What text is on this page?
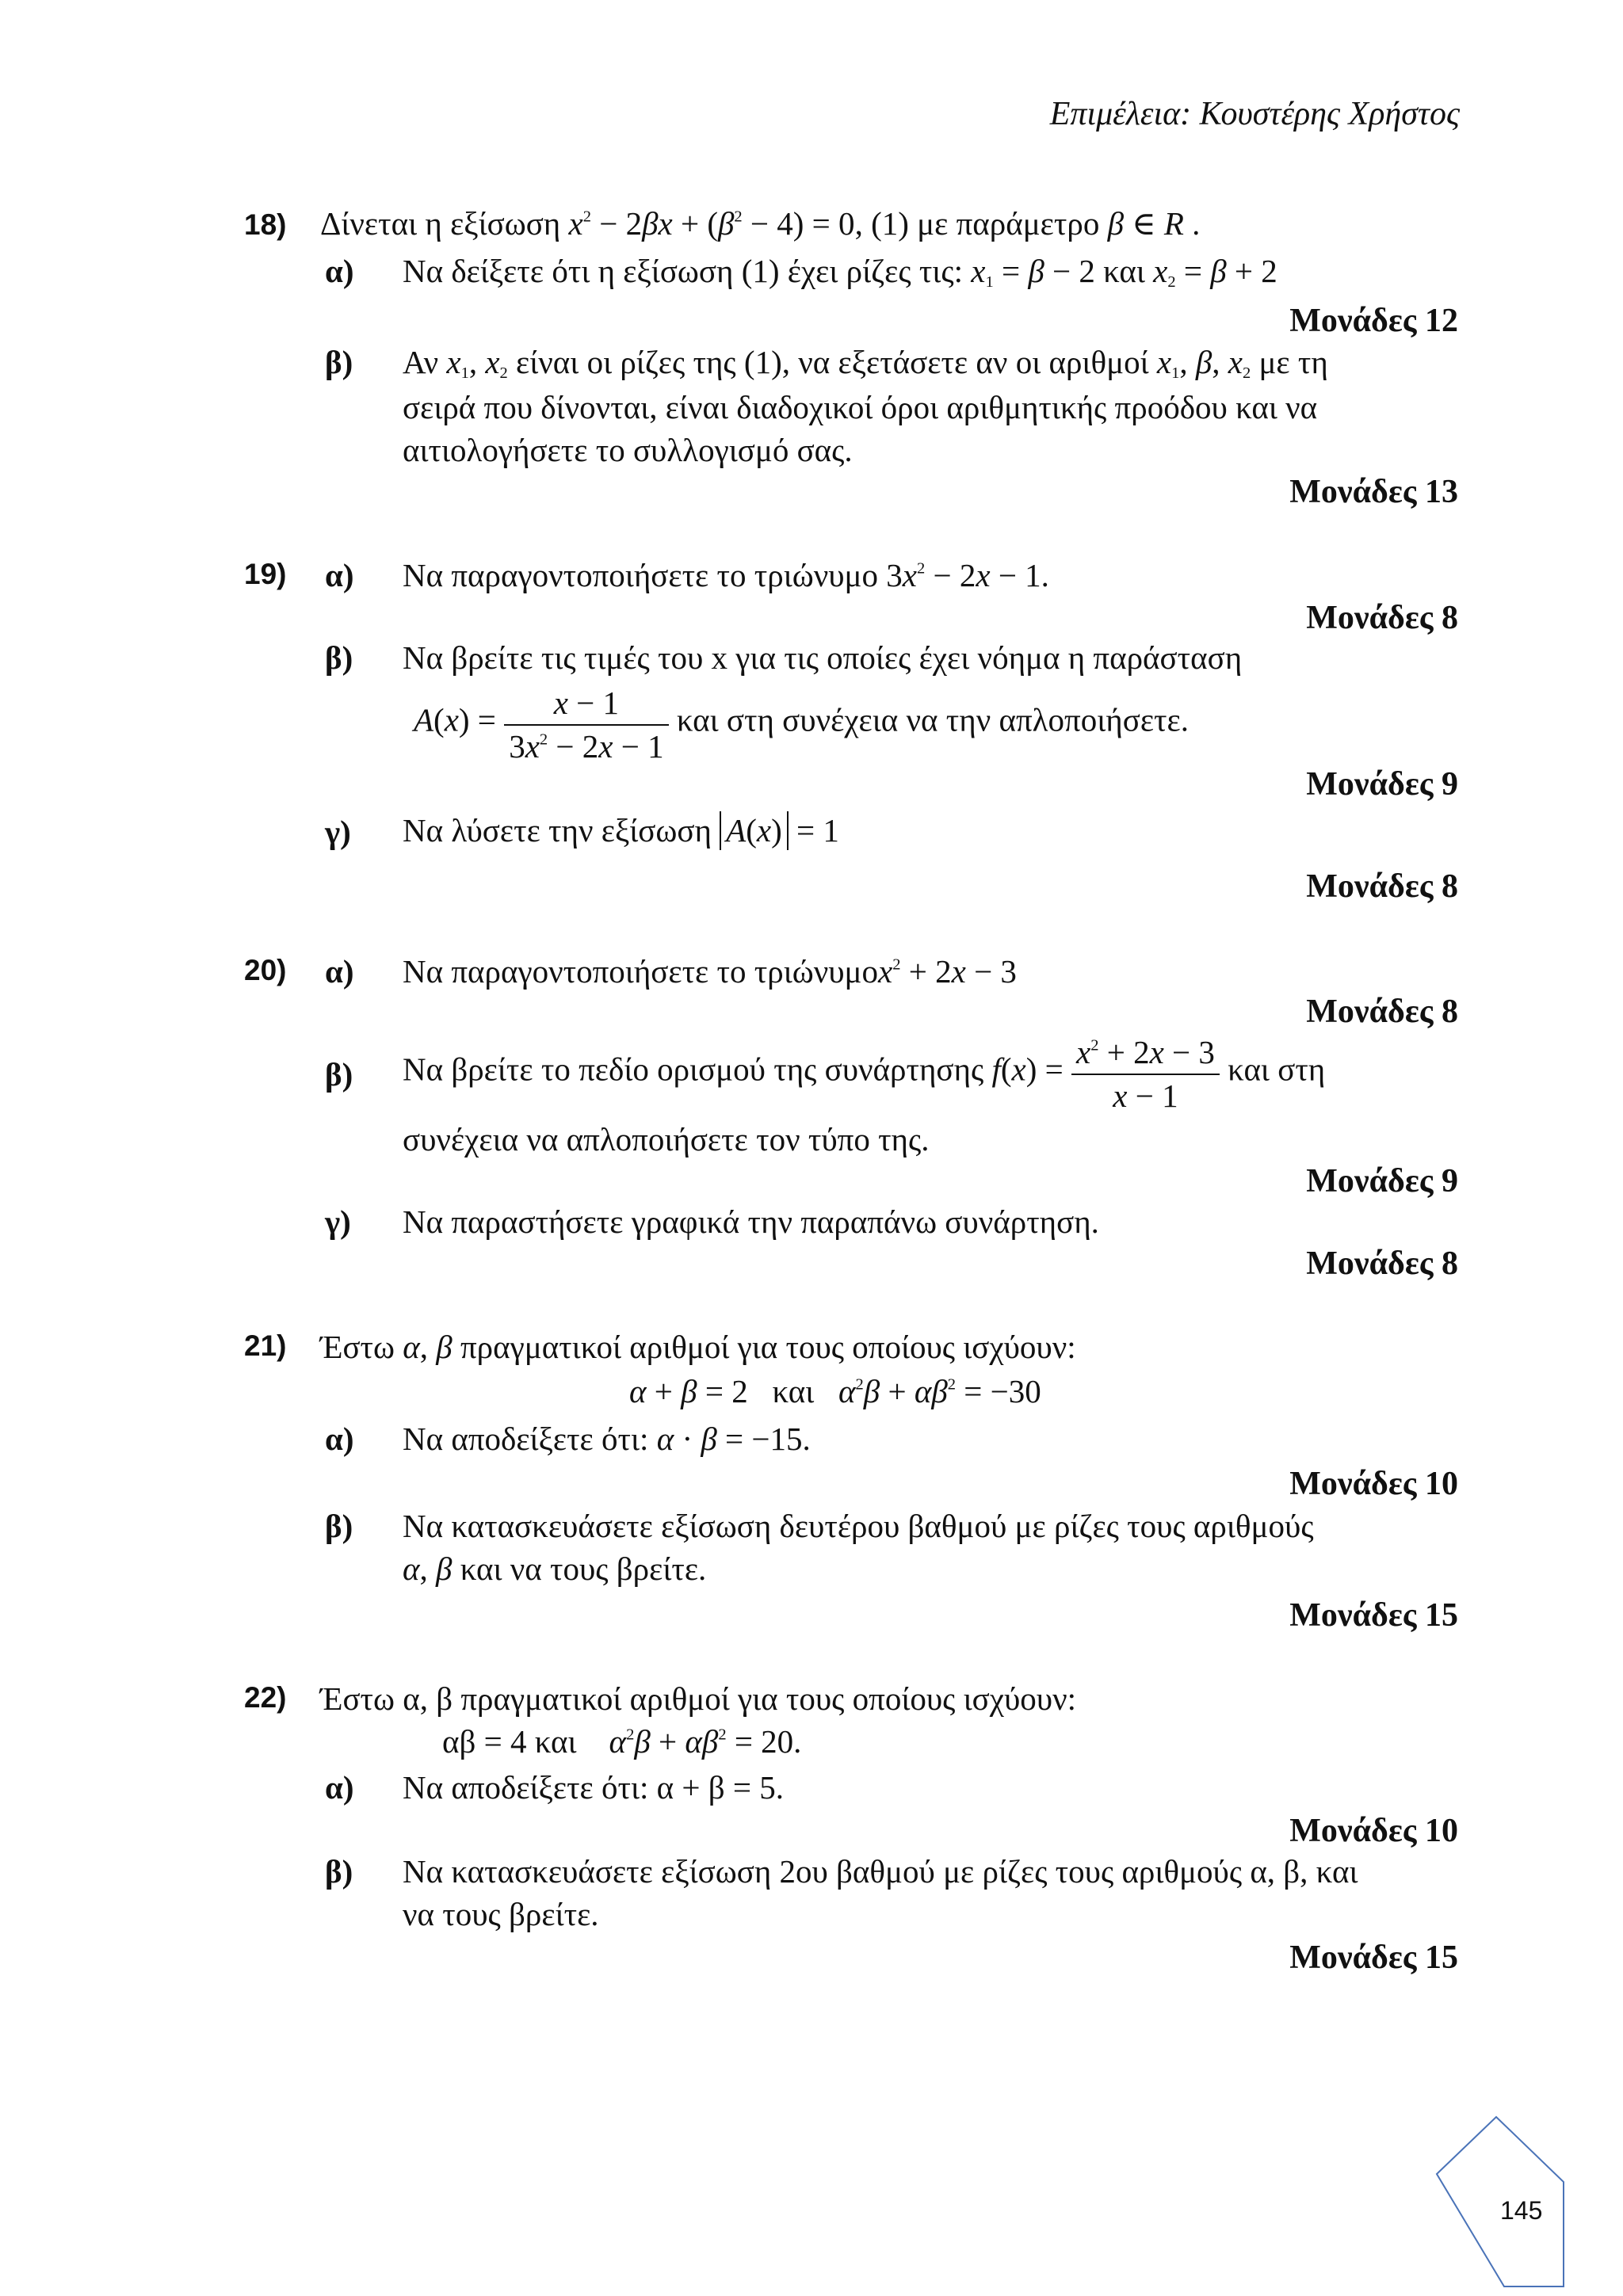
Επιμέλεια: Κουστέρης Χρήστος
18) Δίνεται η εξίσωση $x^2 - 2\beta x + (\beta^2 - 4) = 0$, (1) με παράμετρο β ∈ R .
α) Να δείξετε ότι η εξίσωση (1) έχει ρίζες τις: $x_1 = \beta - 2$ και $x_2 = \beta + 2$
Μονάδες 12
β) Αν $x_1$, $x_2$ είναι οι ρίζες της (1), να εξετάσετε αν οι αριθμοί $x_1$, β, $x_2$ με τη
σειρά που δίνονται, είναι διαδοχικοί όροι αριθμητικής προόδου και να
αιτιολογήσετε το συλλογισμό σας.
Μονάδες 13
19) α) Να παραγοντοποιήσετε το τριώνυμο $3x^2 - 2x - 1$.
Μονάδες 8
β) Να βρείτε τις τιμές του x για τις οποίες έχει νόημα η παράσταση
$A(x) = \frac{x - 1}{3x^2 - 2x - 1}$ και στη συνέχεια να την απλοποιήσετε.
Μονάδες 9
γ) Να λύσετε την εξίσωση A(x) = 1
Μονάδες 8
20) α) Να παραγοντοποιήσετε το τριώνυμοx$^2$ + 2x − 3
Μονάδες 8
β) Να βρείτε το πεδίο ορισμού της συνάρτησης $f(x) = \frac{x^2 + 2x - 3}{x - 1}$ και στη
συνέχεια να απλοποιήσετε τον τύπο της.
Μονάδες 9
γ) Να παραστήσετε γραφικά την παραπάνω συνάρτηση.
Μονάδες 8
21) Έστω α, β πραγματικοί αριθμοί για τους οποίους ισχύουν:
α + β = 2   και $\alpha^2\beta + \alpha\beta^2 = -30$
α) Να αποδείξετε ότι: α · β = −15.
Μονάδες 10
β) Να κατασκευάσετε εξίσωση δευτέρου βαθμού με ρίζες τους αριθμούς
α, β και να τους βρείτε.
Μονάδες 15
22) Έστω α, β πραγματικοί αριθμοί για τους οποίους ισχύουν:
αβ = 4 και $\alpha^2\beta + \alpha\beta^2 = 20$.
α) Να αποδείξετε ότι: α + β = 5.
Μονάδες 10
β) Να κατασκευάσετε εξίσωση 2ου βαθμού με ρίζες τους αριθμούς α, β, και
να τους βρείτε.
Μονάδες 15
145
